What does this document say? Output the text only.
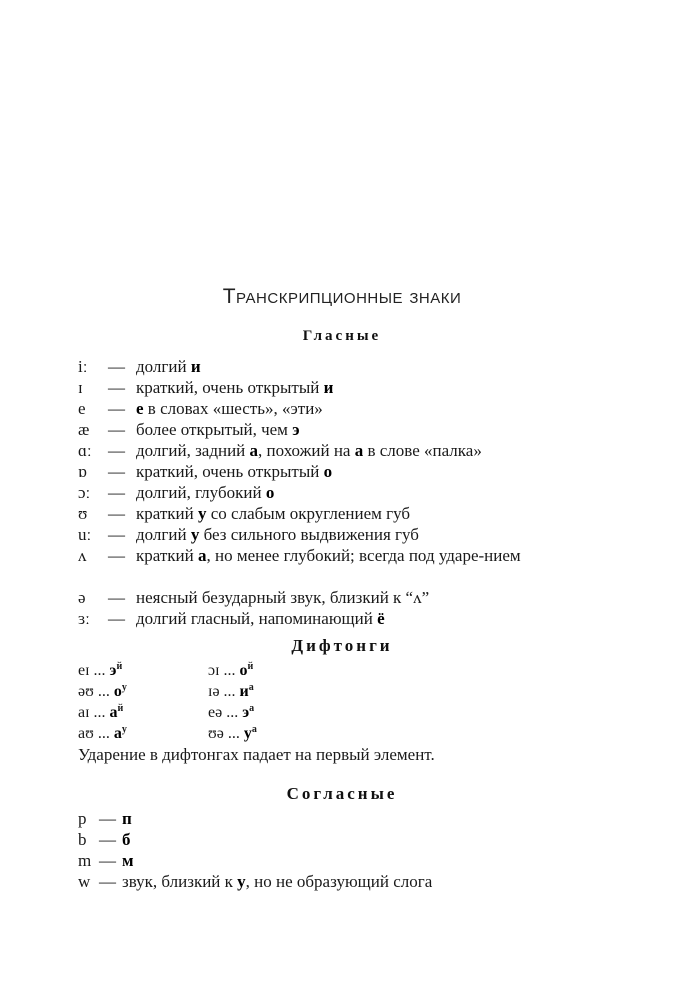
Транскрипционные знаки
Гласные
iː	— долгий и
ɪ	— краткий, очень открытый и
e	— е в словах «шесть», «эти»
æ	— более открытый, чем э
ɑː — долгий, задний а, похожий на а в слове «палка»
ɒ	— краткий, очень открытый о
ɔː	— долгий, глубокий о
ʊ	— краткий у со слабым округлением губ
uː — долгий у без сильного выдвижения губ
ʌ	— краткий а, но менее глубокий; всегда под ударе-нием
ə	— неясный безударный звук, близкий к “ʌ”
ɜː	— долгий гласный, напоминающий ё
Дифтонги
eɪ ... $э^й$	ɔɪ ... $о^й$
əʊ ... $о^у$	ɪə ... $и^а$
aɪ ... $а^й$	eə ... $э^а$
aʊ ... $а^у$	ʊə ... $у^а$
Ударение в дифтонгах падает на первый элемент.
Согласные
p — п
b — б
m — м
w — звук, близкий к у, но не образующий слога
